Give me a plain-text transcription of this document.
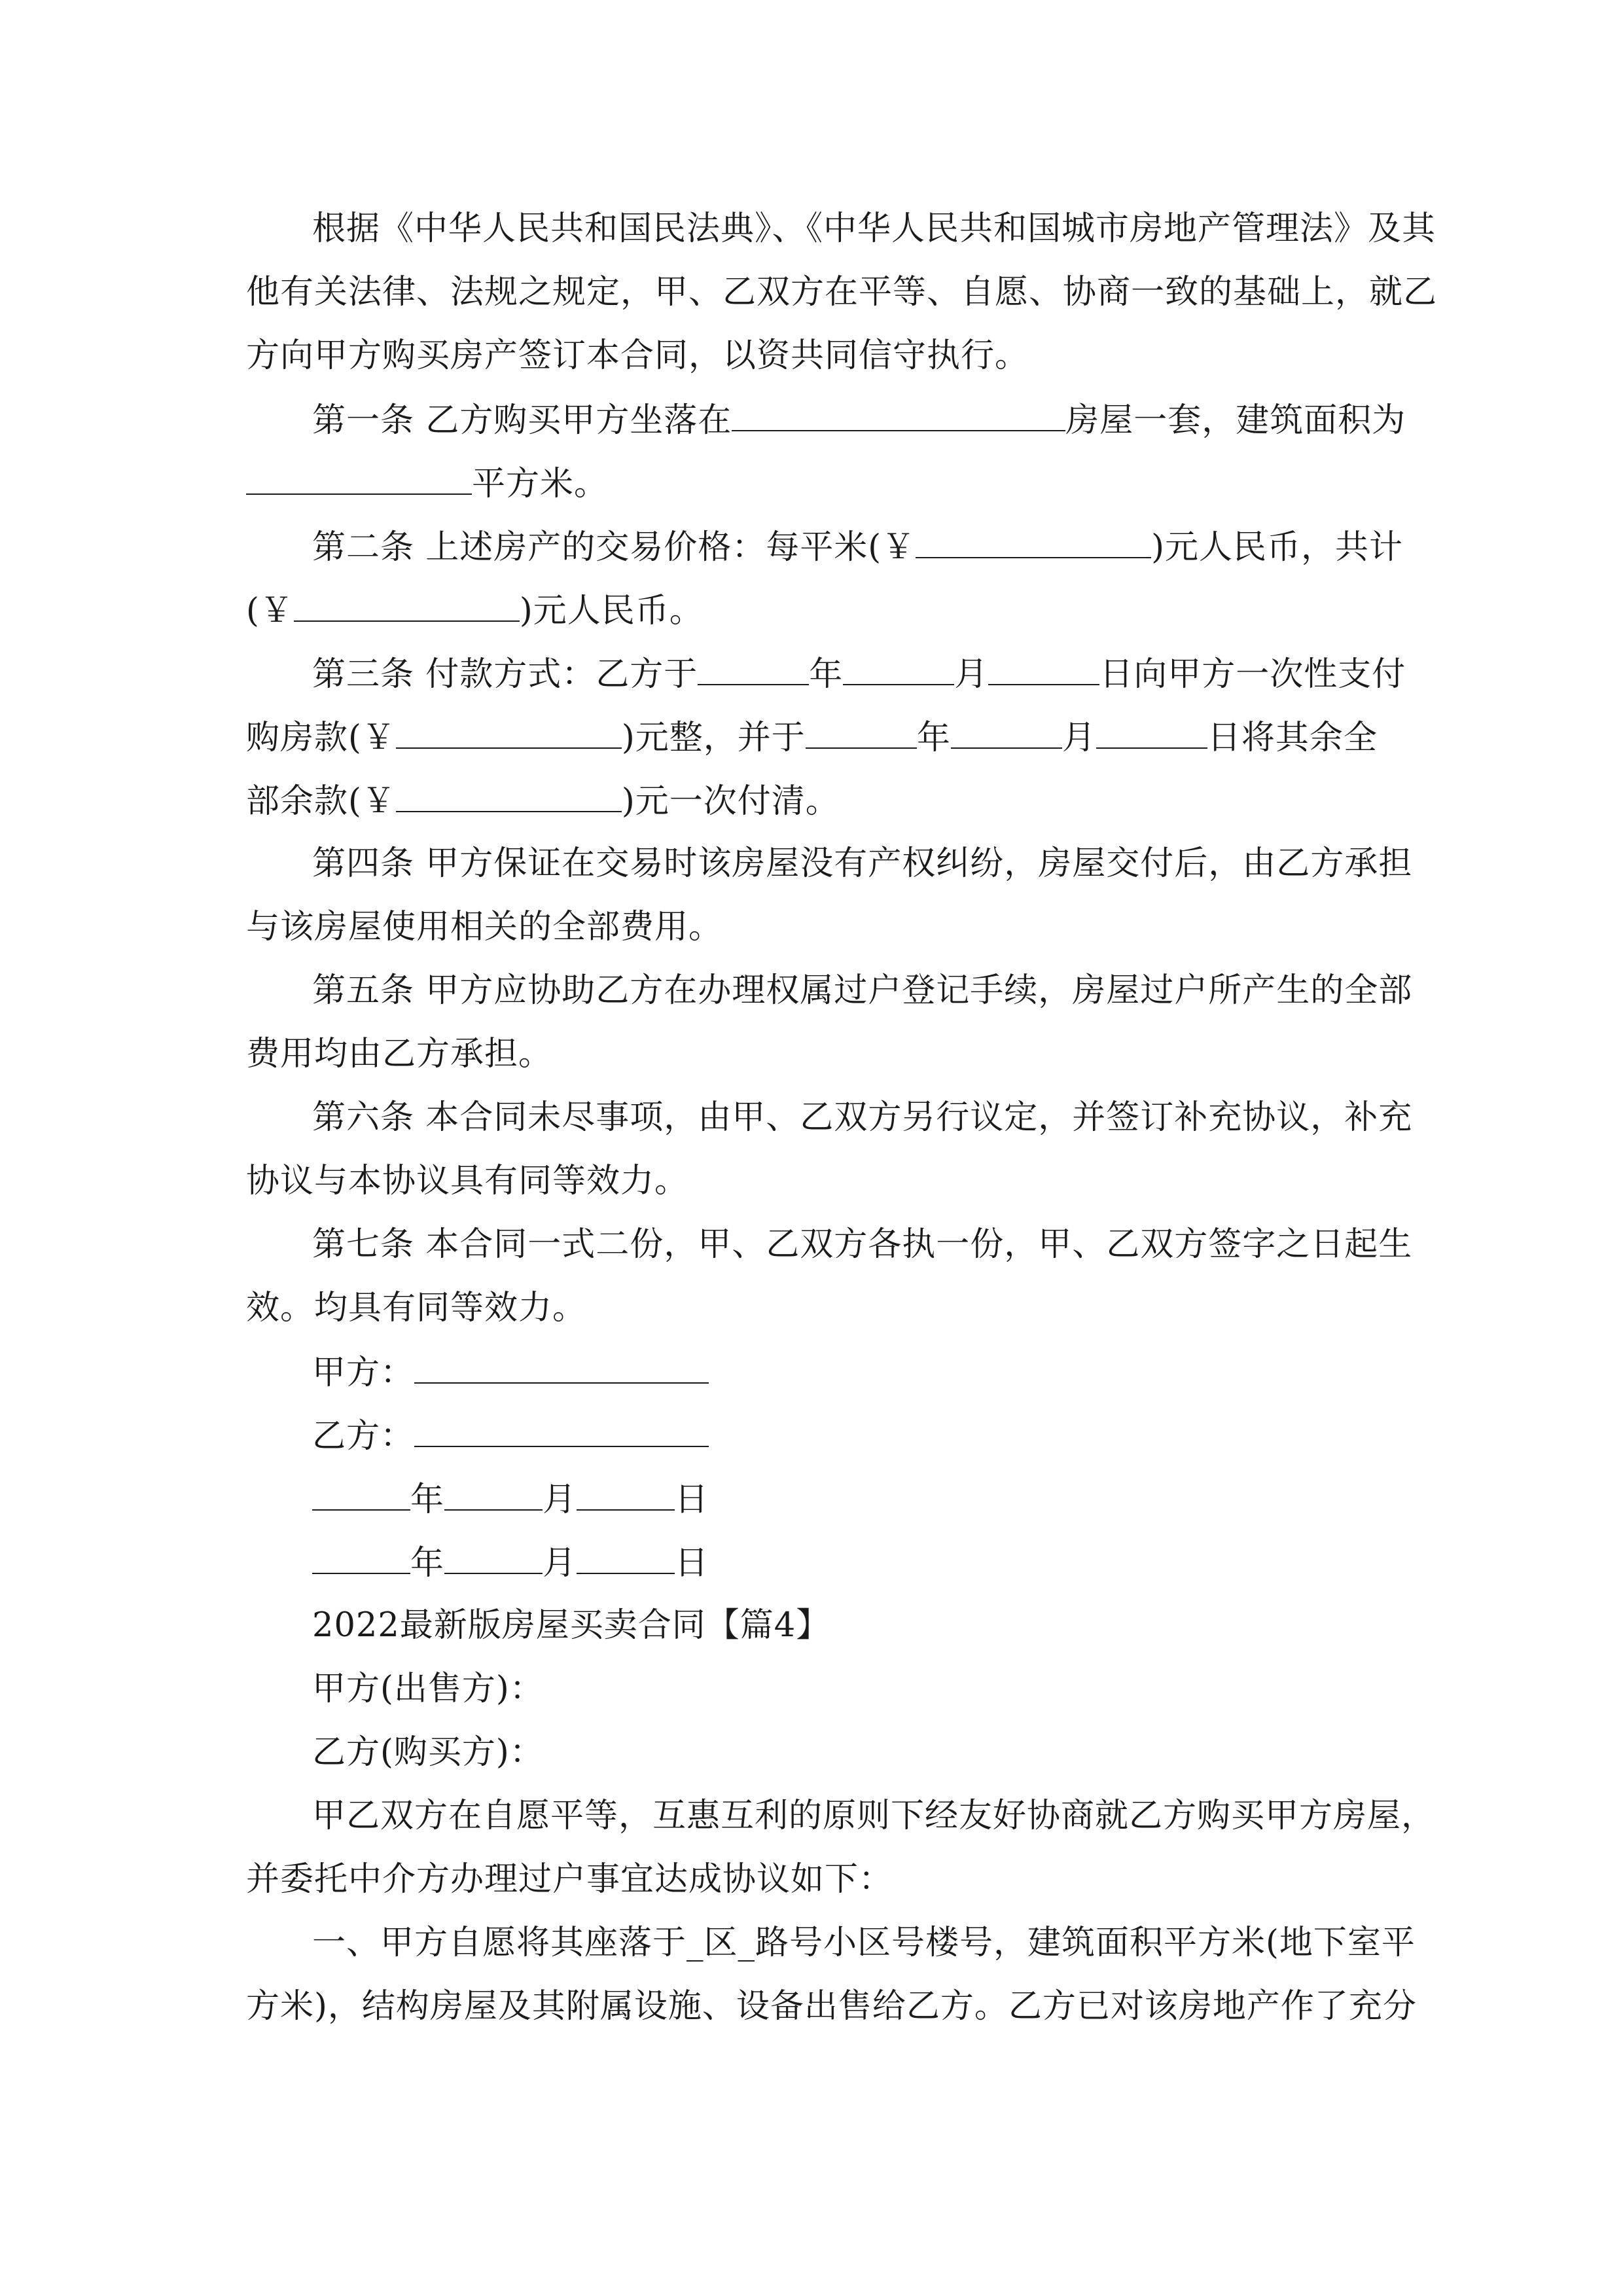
根据《中华人民共和国民法典》、《中华人民共和国城市房地产管理法》及其
他有关法律、法规之规定，甲、乙双方在平等、自愿、协商一致的基础上，就乙
方向甲方购买房产签订本合同，以资共同信守执行。
第一条 乙方购买甲方坐落在	房屋一套，建筑面积为
平方米。
第二条 上述房产的交易价格：每平米(￥	)元人民币，共计
(￥	)元人民币。
第三条 付款方式：乙方于	年	月	日向甲方一次性支付
购房款(￥	)元整，并于	年	月	日将其余全
部余款(￥	)元一次付清。
第四条 甲方保证在交易时该房屋没有产权纠纷，房屋交付后，由乙方承担
与该房屋使用相关的全部费用。
第五条 甲方应协助乙方在办理权属过户登记手续，房屋过户所产生的全部
费用均由乙方承担。
第六条 本合同未尽事项，由甲、乙双方另行议定，并签订补充协议，补充
协议与本协议具有同等效力。
第七条 本合同一式二份，甲、乙双方各执一份，甲、乙双方签字之日起生
效。均具有同等效力。
甲方：
乙方：
年	月	日
年	月	日
2022最新版房屋买卖合同【篇4】
甲方(出售方)：
乙方(购买方)：
甲乙双方在自愿平等，互惠互利的原则下经友好协商就乙方购买甲方房屋，
并委托中介方办理过户事宜达成协议如下：
一、甲方自愿将其座落于_区_路号小区号楼号，建筑面积平方米(地下室平
方米)，结构房屋及其附属设施、设备出售给乙方。乙方已对该房地产作了充分
